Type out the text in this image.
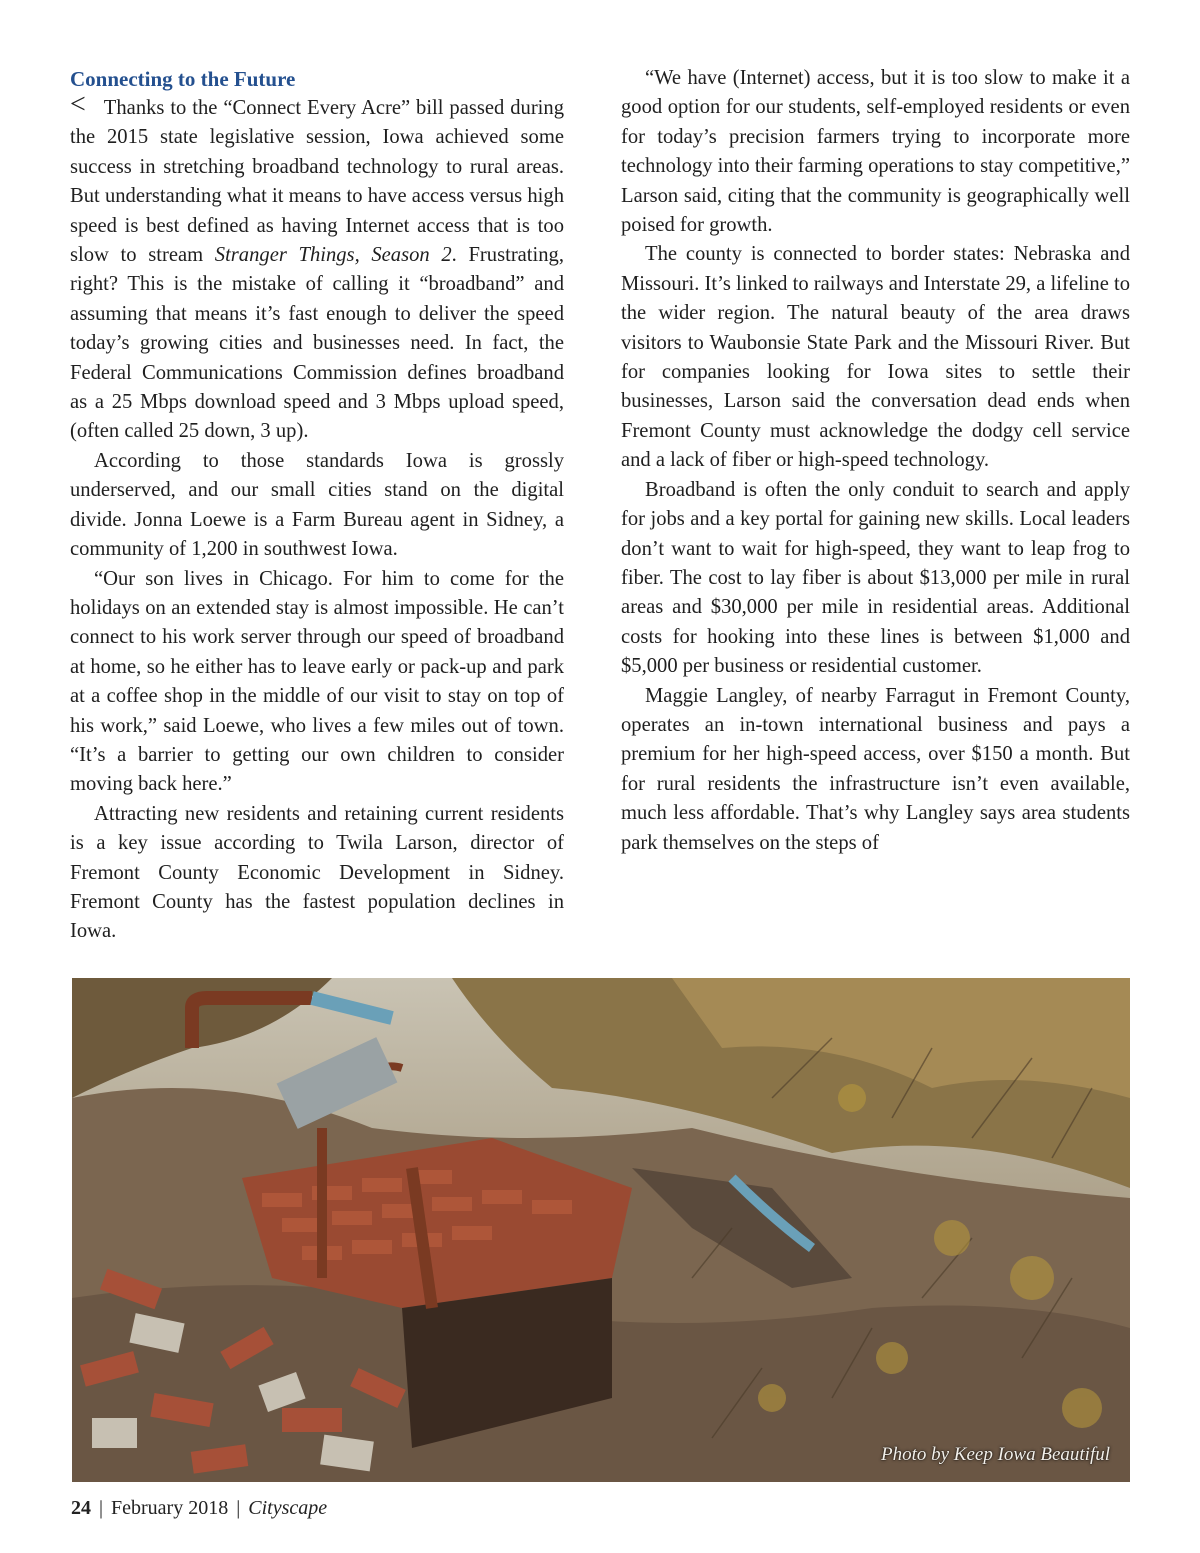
Connecting to the Future

< Thanks to the “Connect Every Acre” bill passed during the 2015 state legislative session, Iowa achieved some success in stretching broadband technology to rural areas. But understanding what it means to have access versus high speed is best defined as having Internet access that is too slow to stream Stranger Things, Season 2. Frustrating, right? This is the mistake of calling it “broadband” and assuming that means it’s fast enough to deliver the speed today’s growing cities and businesses need. In fact, the Federal Communications Commission defines broadband as a 25 Mbps download speed and 3 Mbps upload speed, (often called 25 down, 3 up).

According to those standards Iowa is grossly underserved, and our small cities stand on the digital divide. Jonna Loewe is a Farm Bureau agent in Sidney, a community of 1,200 in southwest Iowa.

“Our son lives in Chicago. For him to come for the holidays on an extended stay is almost impossible. He can’t connect to his work server through our speed of broadband at home, so he either has to leave early or pack-up and park at a coffee shop in the middle of our visit to stay on top of his work,” said Loewe, who lives a few miles out of town. “It’s a barrier to getting our own children to consider moving back here.”

Attracting new residents and retaining current residents is a key issue according to Twila Larson, director of Fremont County Economic Development in Sidney. Fremont County has the fastest population declines in Iowa.

“We have (Internet) access, but it is too slow to make it a good option for our students, self-employed residents or even for today’s precision farmers trying to incorporate more technology into their farming operations to stay competitive,” Larson said, citing that the community is geographically well poised for growth.

The county is connected to border states: Nebraska and Missouri. It’s linked to railways and Interstate 29, a lifeline to the wider region. The natural beauty of the area draws visitors to Waubonsie State Park and the Missouri River. But for companies looking for Iowa sites to settle their businesses, Larson said the conversation dead ends when Fremont County must acknowledge the dodgy cell service and a lack of fiber or high-speed technology.

Broadband is often the only conduit to search and apply for jobs and a key portal for gaining new skills. Local leaders don’t want to wait for high-speed, they want to leap frog to fiber. The cost to lay fiber is about $13,000 per mile in rural areas and $30,000 per mile in residential areas. Additional costs for hooking into these lines is between $1,000 and $5,000 per business or residential customer.

Maggie Langley, of nearby Farragut in Fremont County, operates an in-town international business and pays a premium for her high-speed access, over $150 a month. But for rural residents the infrastructure isn’t even available, much less affordable. That’s why Langley says area students park themselves on the steps of

Photo by Keep Iowa Beautiful
24 | February 2018 | Cityscape
